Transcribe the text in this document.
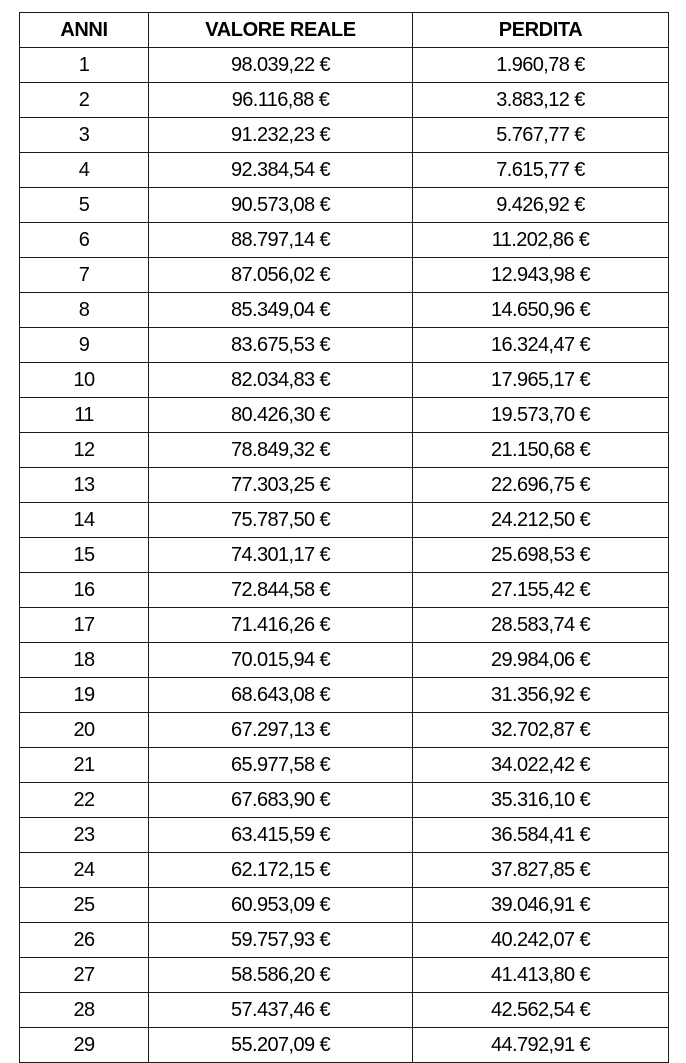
ANNI	VALORE REALE	PERDITA
1	98.039,22 €	1.960,78 €
2	96.116,88 €	3.883,12 €
3	91.232,23 €	5.767,77 €
4	92.384,54 €	7.615,77 €
5	90.573,08 €	9.426,92 €
6	88.797,14 €	11.202,86 €
7	87.056,02 €	12.943,98 €
8	85.349,04 €	14.650,96 €
9	83.675,53 €	16.324,47 €
10	82.034,83 €	17.965,17 €
11	80.426,30 €	19.573,70 €
12	78.849,32 €	21.150,68 €
13	77.303,25 €	22.696,75 €
14	75.787,50 €	24.212,50 €
15	74.301,17 €	25.698,53 €
16	72.844,58 €	27.155,42 €
17	71.416,26 €	28.583,74 €
18	70.015,94 €	29.984,06 €
19	68.643,08 €	31.356,92 €
20	67.297,13 €	32.702,87 €
21	65.977,58 €	34.022,42 €
22	67.683,90 €	35.316,10 €
23	63.415,59 €	36.584,41 €
24	62.172,15 €	37.827,85 €
25	60.953,09 €	39.046,91 €
26	59.757,93 €	40.242,07 €
27	58.586,20 €	41.413,80 €
28	57.437,46 €	42.562,54 €
29	55.207,09 €	44.792,91 €
